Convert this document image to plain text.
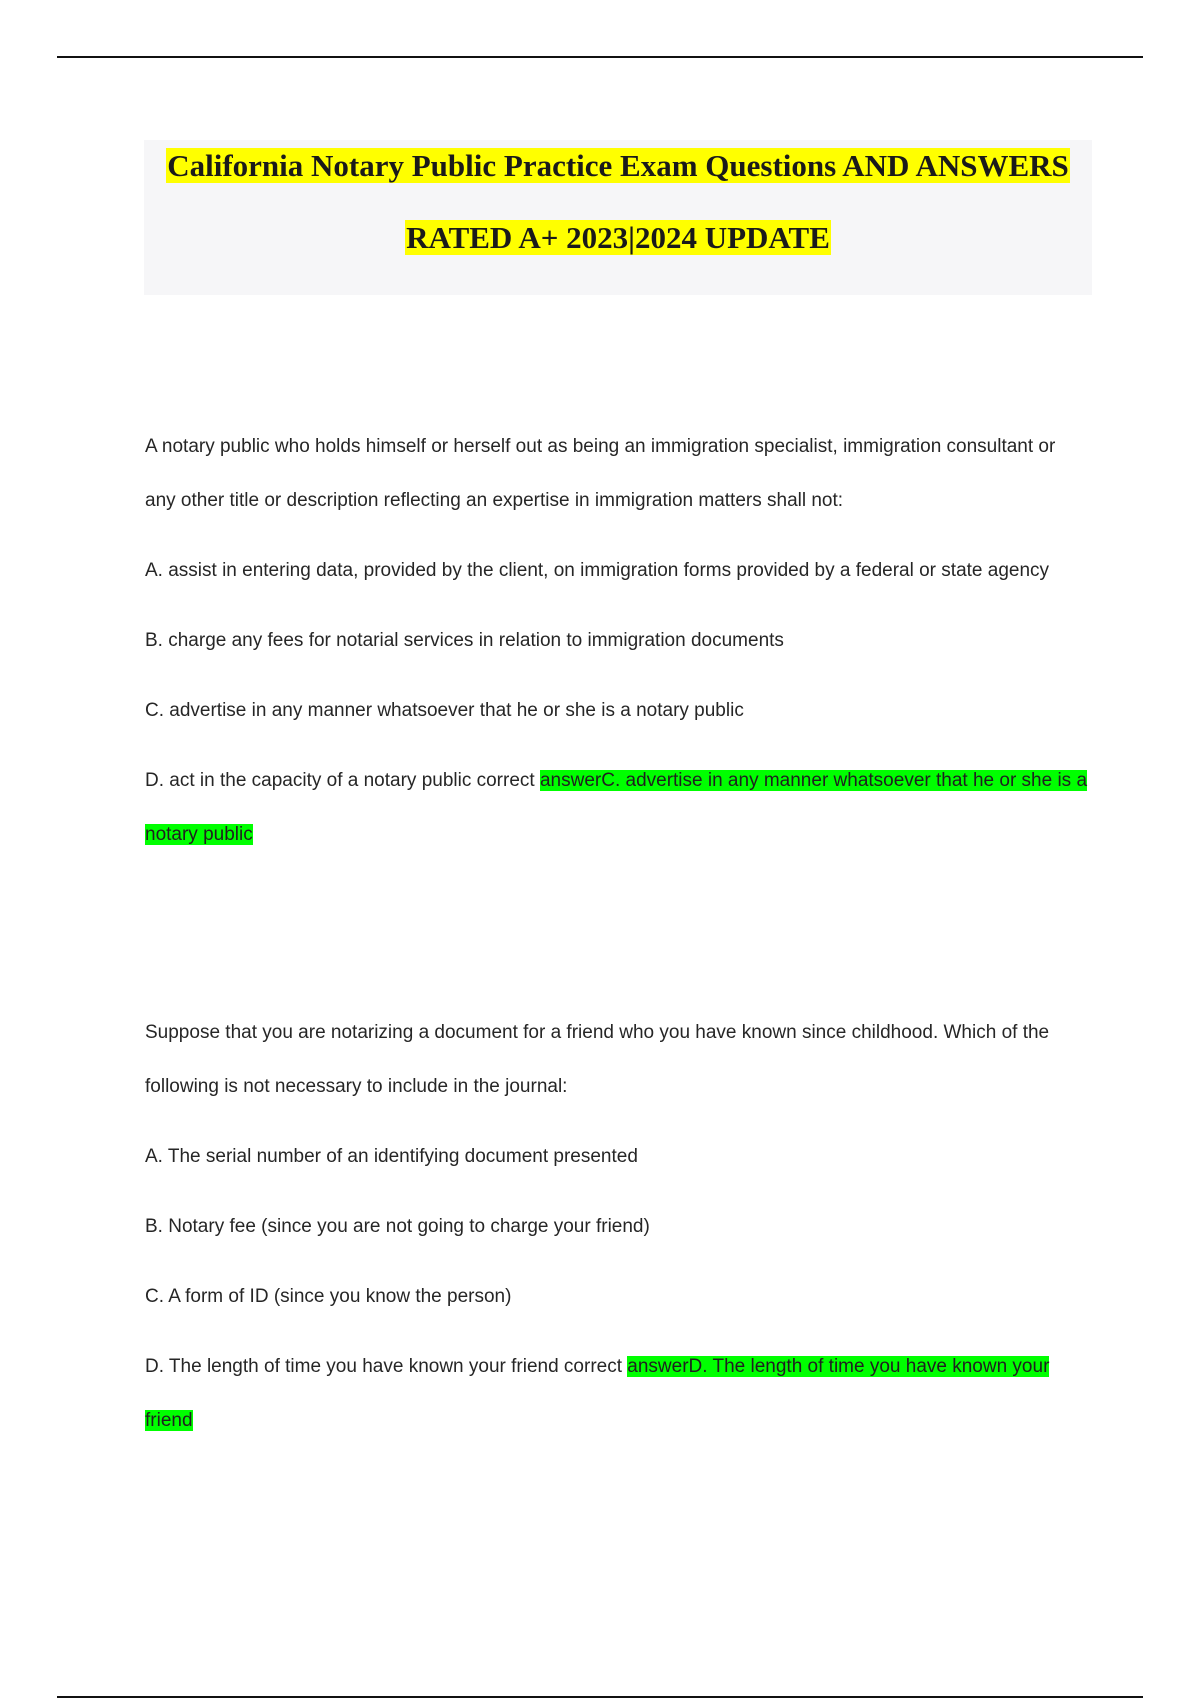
California Notary Public Practice Exam Questions AND ANSWERS
RATED A+ 2023|2024 UPDATE

A notary public who holds himself or herself out as being an immigration specialist, immigration consultant or any other title or description reflecting an expertise in immigration matters shall not:

A. assist in entering data, provided by the client, on immigration forms provided by a federal or state agency

B. charge any fees for notarial services in relation to immigration documents

C. advertise in any manner whatsoever that he or she is a notary public

D. act in the capacity of a notary public correct answerC. advertise in any manner whatsoever that he or she is a notary public

Suppose that you are notarizing a document for a friend who you have known since childhood. Which of the following is not necessary to include in the journal:

A. The serial number of an identifying document presented

B. Notary fee (since you are not going to charge your friend)

C. A form of ID (since you know the person)

D. The length of time you have known your friend correct answerD. The length of time you have known your friend
